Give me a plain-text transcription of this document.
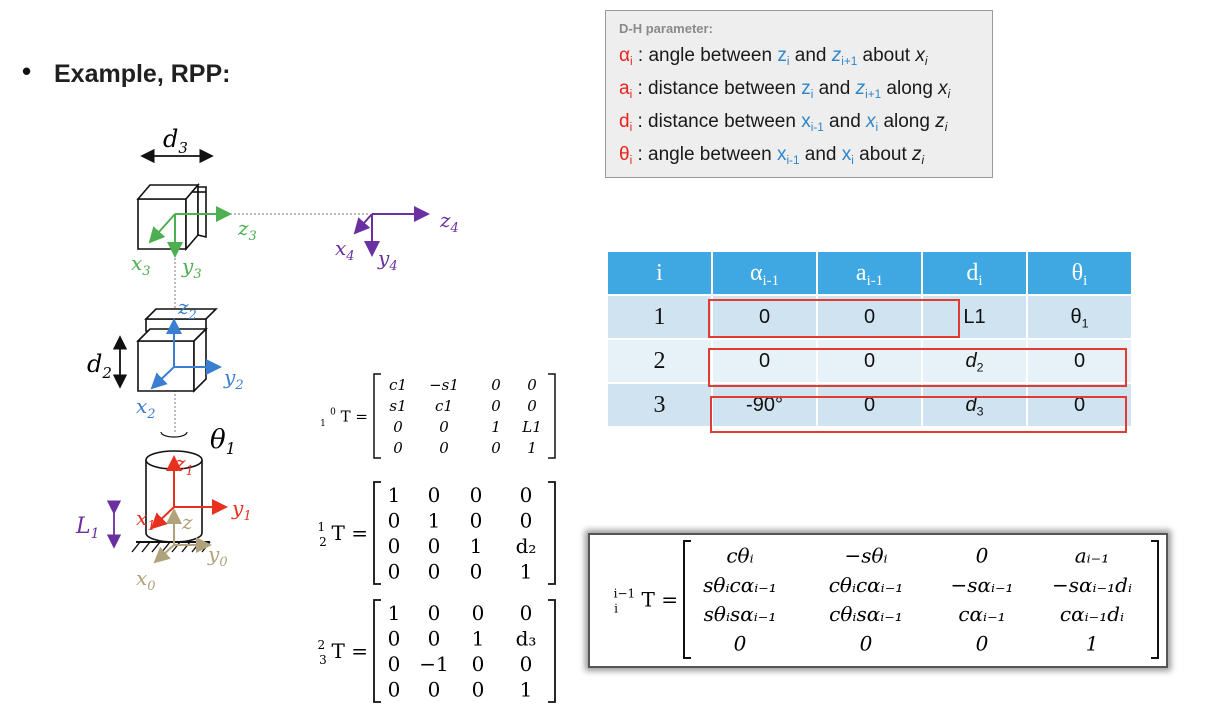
• Example, RPP:
D-H parameter:
$\alpha_i$ : angle between $z_i$ and $z_{i+1}$ about $x_i$
$a_i$ : distance between $z_i$ and $z_{i+1}$ along $x_i$
$d_i$ : distance between $x_{i-1}$ and $x_i$ along $z_i$
$\theta_i$ : angle between $x_{i-1}$ and $x_i$ about $z_i$
i	$\alpha_{i-1}$	$a_{i-1}$	$d_i$	$\theta_i$
1	0	0	L1	$\theta_1$
2	0	0	$d_2$	0
3	-90°	0	$d_3$	0
$d_3$
$z_3$
$x_3$ $y_3$
$z_4$
$x_4$ $y_4$
$d_2$
$z_2$
$y_2$
$x_2$
$\theta_1$
z
$y_0$
$x_0$
$z_1$
$y_1$
$x_1$
$L_1$
$^0$ T =
1
c1 −s1 0 0
s1 c1	0 0
0 0	1 L1
0 0	0 1
$^1$ T =
2
1 0 0 0
0 1 0 0
0 0 1 d₂
0 0 0 1
$^2$ T =
3
1 0 0 0
0 0 1 d₃
0 −1 0 0
0 0 0 1
$^{i-1}$ T =
i
cθᵢ	−sθᵢ	0	aᵢ₋₁
sθᵢcαᵢ₋₁	cθᵢcαᵢ₋₁ −sαᵢ₋₁ −sαᵢ₋₁dᵢ
sθᵢsαᵢ₋₁	cθᵢsαᵢ₋₁	cαᵢ₋₁	cαᵢ₋₁dᵢ
0	0	0	1
